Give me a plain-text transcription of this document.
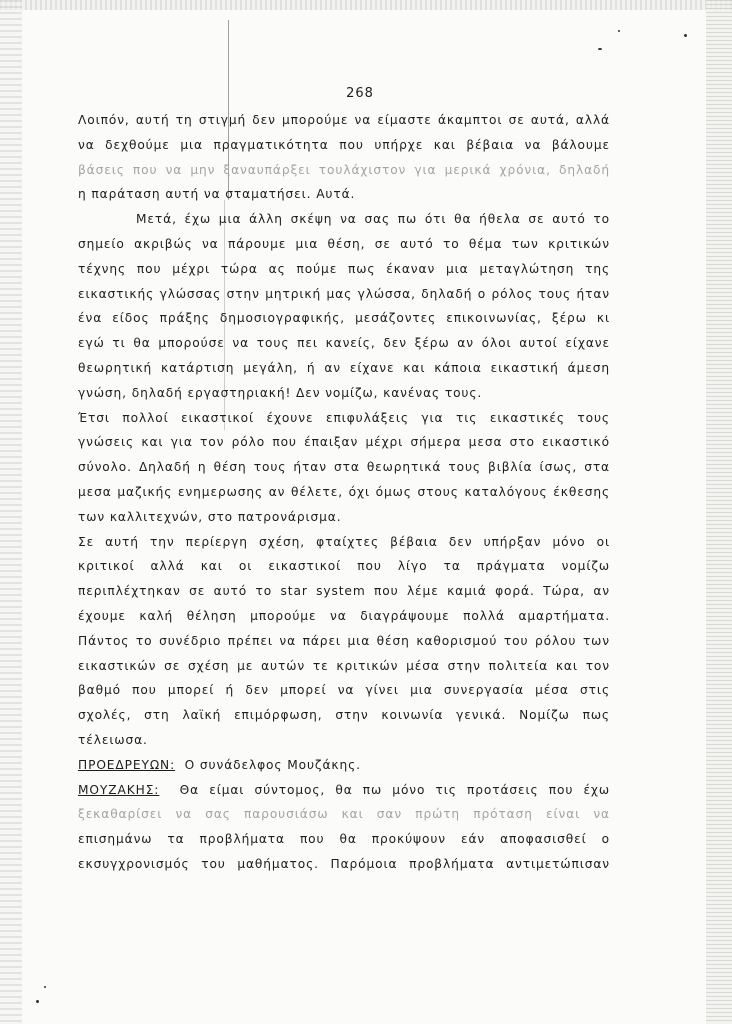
268
Λοιπόν, αυτή τη στιγμή δεν μπορούμε να είμαστε άκαμπτοι σε αυτά, αλλά
να δεχθούμε μια πραγματικότητα που υπήρχε και βέβαια να βάλουμε
βάσεις που να μην ξαναυπάρξει τουλάχιστον για μερικά χρόνια, δηλαδή
η παράταση αυτή να σταματήσει. Αυτά.
Μετά, έχω μια άλλη σκέψη να σας πω ότι θα ήθελα σε αυτό το
σημείο ακριβώς να πάρουμε μια θέση, σε αυτό το θέμα των κριτικών
τέχνης που μέχρι τώρα ας πούμε πως έκαναν μια μεταγλώτηση της
εικαστικής γλώσσας στην μητρική μας γλώσσα, δηλαδή ο ρόλος τους ήταν
ένα είδος πράξης δημοσιογραφικής, μεσάζοντες επικοινωνίας, ξέρω κι
εγώ τι θα μπορούσε να τους πει κανείς, δεν ξέρω αν όλοι αυτοί είχανε
θεωρητική κατάρτιση μεγάλη, ή αν είχανε και κάποια εικαστική άμεση
γνώση, δηλαδή εργαστηριακή! Δεν νομίζω, κανένας τους.
Έτσι πολλοί εικαστικοί έχουνε επιφυλάξεις για τις εικαστικές τους
γνώσεις και για τον ρόλο που έπαιξαν μέχρι σήμερα μεσα στο εικαστικό
σύνολο. Δηλαδή η θέση τους ήταν στα θεωρητικά τους βιβλία ίσως, στα
μεσα μαζικής ενημερωσης αν θέλετε, όχι όμως στους καταλόγους έκθεσης
των καλλιτεχνών, στο πατρονάρισμα.
Σε αυτή την περίεργη σχέση, φταίχτες βέβαια δεν υπήρξαν μόνο οι
κριτικοί αλλά και οι εικαστικοί που λίγο τα πράγματα νομίζω
περιπλέχτηκαν σε αυτό το star system που λέμε καμιά φορά. Τώρα, αν
έχουμε καλή θέληση μπορούμε να διαγράψουμε πολλά αμαρτήματα.
Πάντος το συνέδριο πρέπει να πάρει μια θέση καθορισμού του ρόλου των
εικαστικών σε σχέση με αυτών τε κριτικών μέσα στην πολιτεία και τον
βαθμό που μπορεί ή δεν μπορεί να γίνει μια συνεργασία μέσα στις
σχολές, στη λαϊκή επιμόρφωση, στην κοινωνία γενικά. Νομίζω πως
τέλειωσα.
ΠΡΟΕΔΡΕΥΩΝ: Ο συνάδελφος Μουζάκης.
ΜΟΥΖΑΚΗΣ: Θα είμαι σύντομος, θα πω μόνο τις προτάσεις που έχω
ξεκαθαρίσει να σας παρουσιάσω και σαν πρώτη πρόταση είναι να
επισημάνω τα προβλήματα που θα προκύψουν εάν αποφασισθεί ο
εκσυγχρονισμός του μαθήματος. Παρόμοια προβλήματα αντιμετώπισαν
